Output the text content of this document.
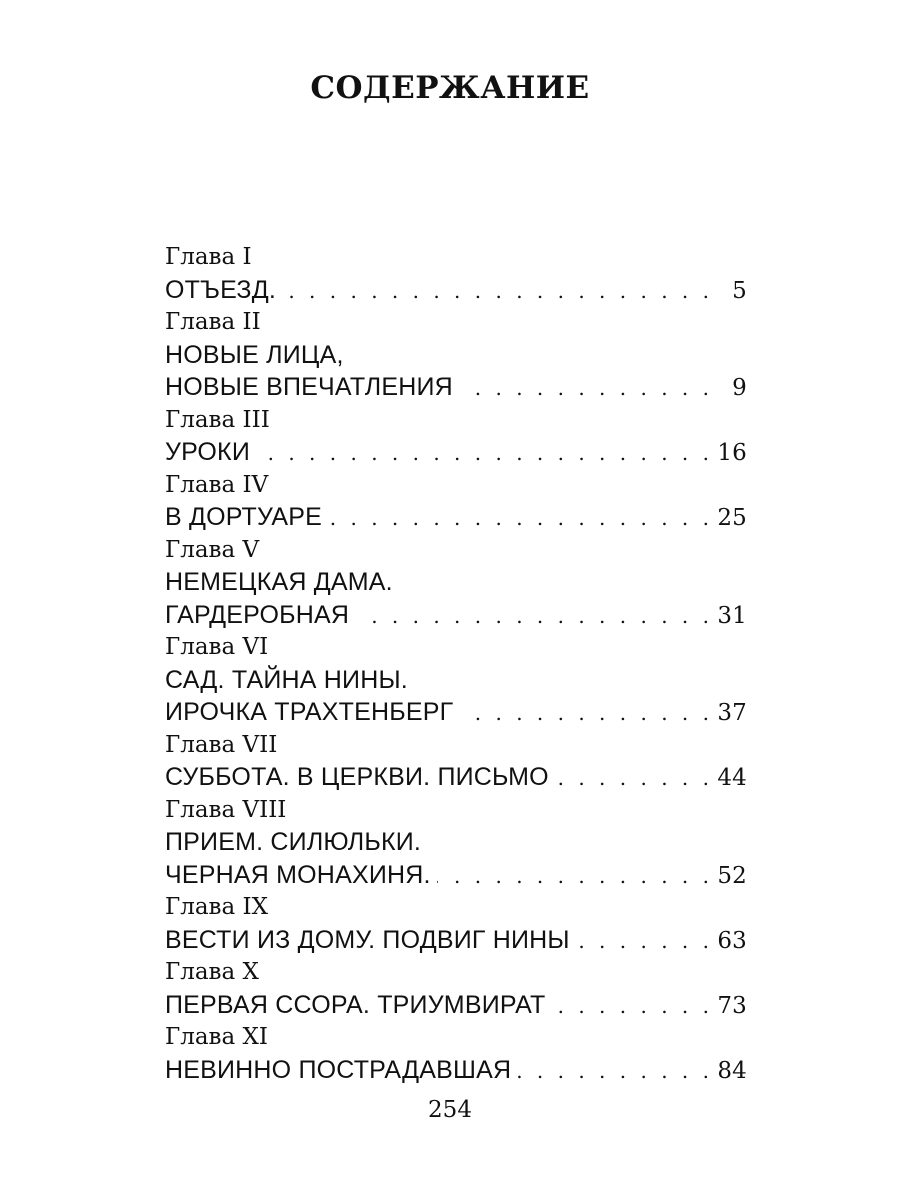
СОДЕРЖАНИЕ
Глава I
ОТЪЕЗД. . . .	5
Глава II
НОВЫЕ ЛИЦА,
НОВЫЕ ВПЕЧАТЛЕНИЯ . . .	9
Глава III
УРОКИ . . .	16
Глава IV
В ДОРТУАРЕ . . .	25
Глава V
НЕМЕЦКАЯ ДАМА.
ГАРДЕРОБНАЯ . . .	31
Глава VI
САД. ТАЙНА НИНЫ.
ИРОЧКА ТРАХТЕНБЕРГ . . .	37
Глава VII
СУББОТА. В ЦЕРКВИ. ПИСЬМО . . .	44
Глава VIII
ПРИЕМ. СИЛЮЛЬКИ.
ЧЕРНАЯ МОНАХИНЯ. . . .	52
Глава IX
ВЕСТИ ИЗ ДОМУ. ПОДВИГ НИНЫ . . .	63
Глава X
ПЕРВАЯ ССОРА. ТРИУМВИРАТ . . .	73
Глава XI
НЕВИННО ПОСТРАДАВШАЯ . . .	84
254
